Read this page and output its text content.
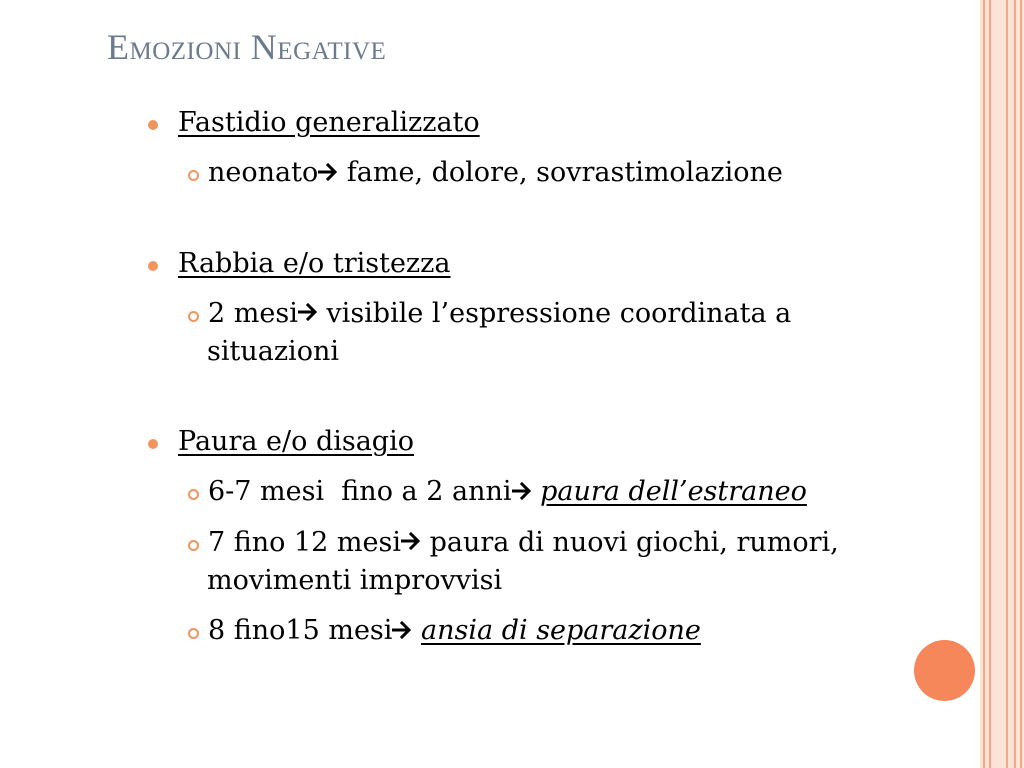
Emozioni Negative

Fastidio generalizzato

neonato fame, dolore, sovrastimolazione

Rabbia e/o tristezza

2 mesi visibile l’espressione coordinata a
situazioni

Paura e/o disagio

6-7 mesi  fino a 2 anni paura dell’estraneo

7 fino 12 mesi paura di nuovi giochi, rumori,
movimenti improvvisi

8 fino15 mesi ansia di separazione
